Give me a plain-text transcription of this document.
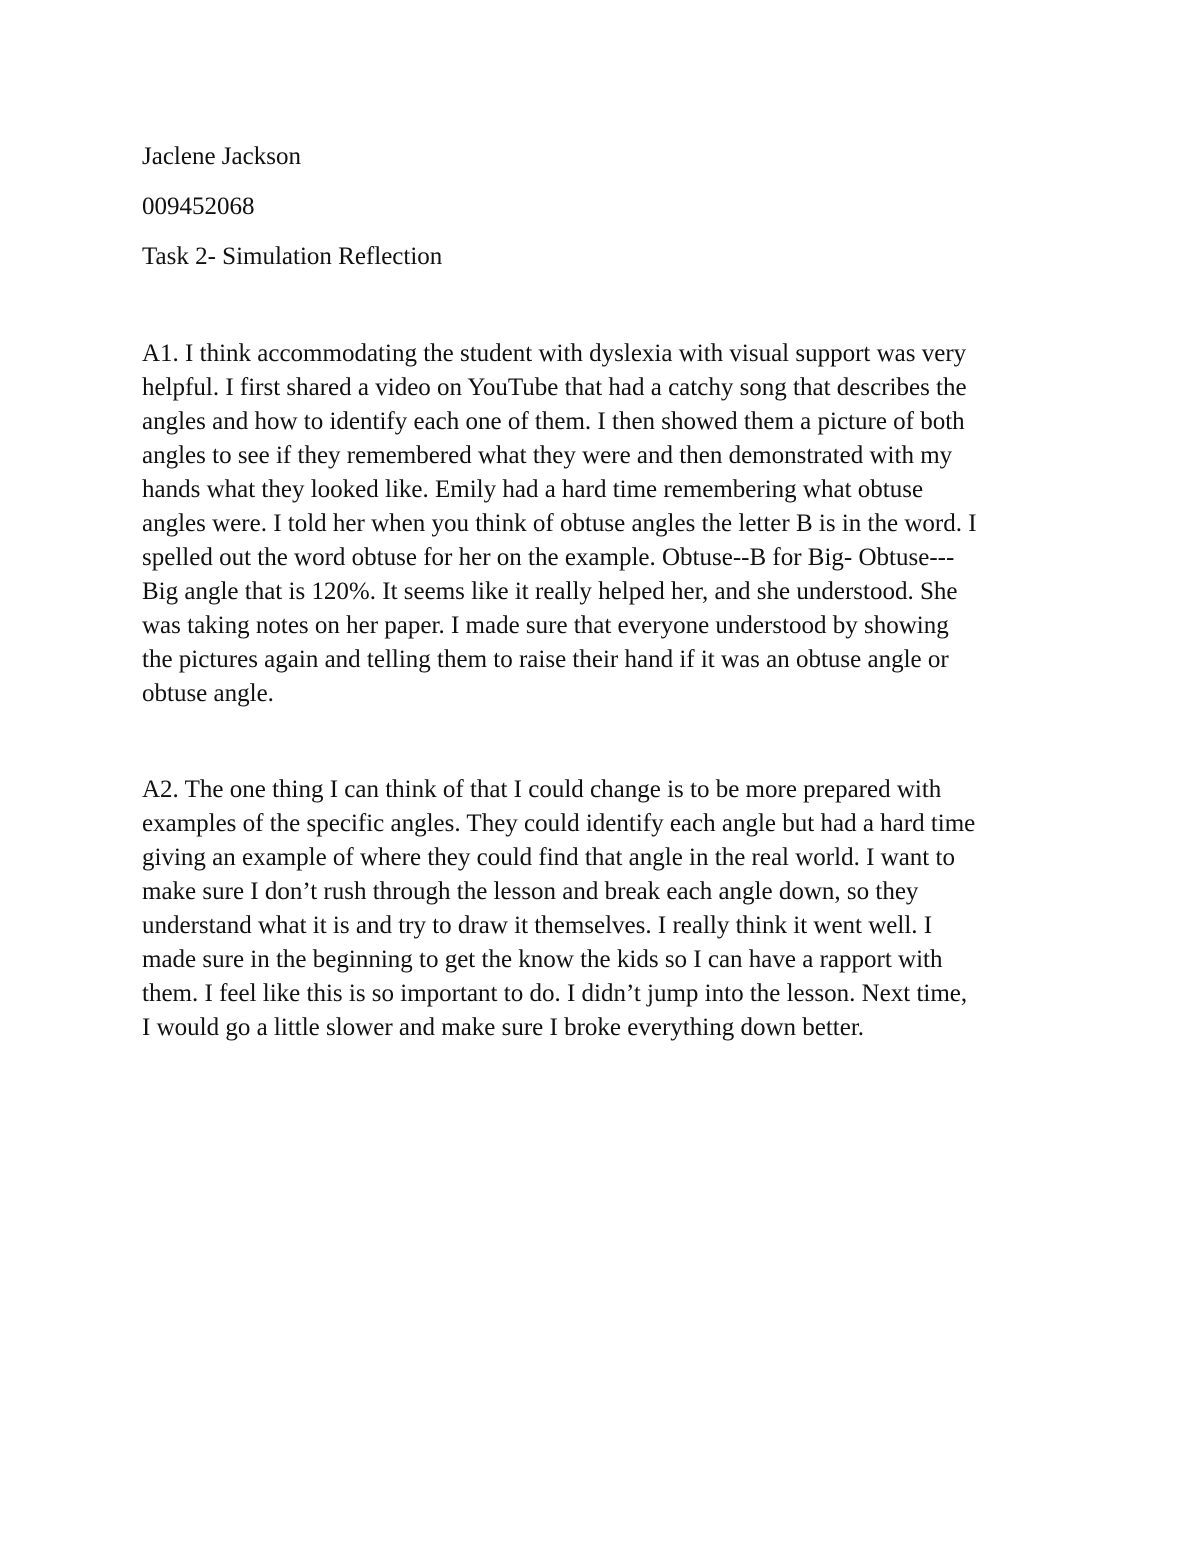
Jaclene Jackson

009452068

Task 2- Simulation Reflection

A1. I think accommodating the student with dyslexia with visual support was very
helpful. I first shared a video on YouTube that had a catchy song that describes the
angles and how to identify each one of them. I then showed them a picture of both
angles to see if they remembered what they were and then demonstrated with my
hands what they looked like. Emily had a hard time remembering what obtuse
angles were. I told her when you think of obtuse angles the letter B is in the word. I
spelled out the word obtuse for her on the example. Obtuse--B for Big- Obtuse---
Big angle that is 120%. It seems like it really helped her, and she understood. She
was taking notes on her paper. I made sure that everyone understood by showing
the pictures again and telling them to raise their hand if it was an obtuse angle or
obtuse angle.
A2. The one thing I can think of that I could change is to be more prepared with
examples of the specific angles. They could identify each angle but had a hard time
giving an example of where they could find that angle in the real world. I want to
make sure I don’t rush through the lesson and break each angle down, so they
understand what it is and try to draw it themselves. I really think it went well. I
made sure in the beginning to get the know the kids so I can have a rapport with
them. I feel like this is so important to do. I didn’t jump into the lesson. Next time,
I would go a little slower and make sure I broke everything down better.
